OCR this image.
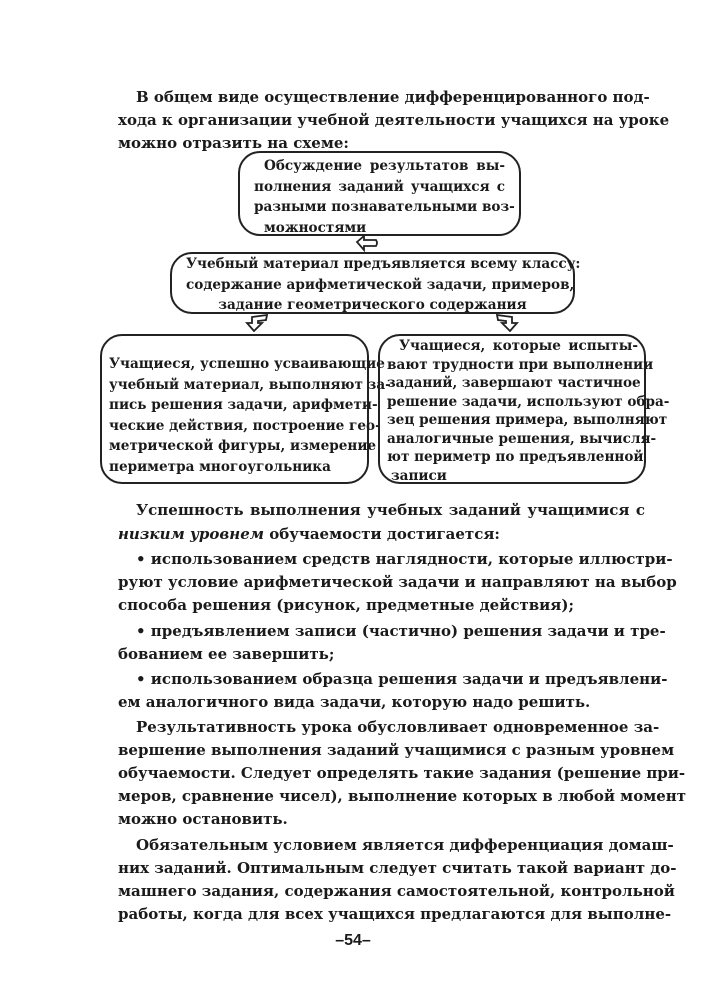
В общем виде осуществление дифференцированного под-
хода к организации учебной деятельности учащихся на уроке
можно отразить на схеме:
Обсуждение результатов вы-
полнения заданий учащихся с
разными познавательными воз-
можностями
Учебный материал предъявляется всему классу:
содержание арифметической задачи, примеров,
задание геометрического содержания
Учащиеся, успешно усваивающие
учебный материал, выполняют за-
пись решения задачи, арифмети-
ческие действия, построение гео-
метрической фигуры, измерение
периметра многоугольника
Учащиеся, которые испыты-
вают трудности при выполнении
заданий, завершают частичное
решение задачи, используют обра-
зец решения примера, выполняют
аналогичные решения, вычисля-
ют периметр по предъявленной
записи
Успешность выполнения учебных заданий учащимися с
низким уровнем обучаемости достигается:
• использованием средств наглядности, которые иллюстри-
руют условие арифметической задачи и направляют на выбор
способа решения (рисунок, предметные действия);
• предъявлением записи (частично) решения задачи и тре-
бованием ее завершить;
• использованием образца решения задачи и предъявлени-
ем аналогичного вида задачи, которую надо решить.
Результативность урока обусловливает одновременное за-
вершение выполнения заданий учащимися с разным уровнем
обучаемости. Следует определять такие задания (решение при-
меров, сравнение чисел), выполнение которых в любой момент
можно остановить.
Обязательным условием является дифференциация домаш-
них заданий. Оптимальным следует считать такой вариант до-
машнего задания, содержания самостоятельной, контрольной
работы, когда для всех учащихся предлагаются для выполне-
–54–
